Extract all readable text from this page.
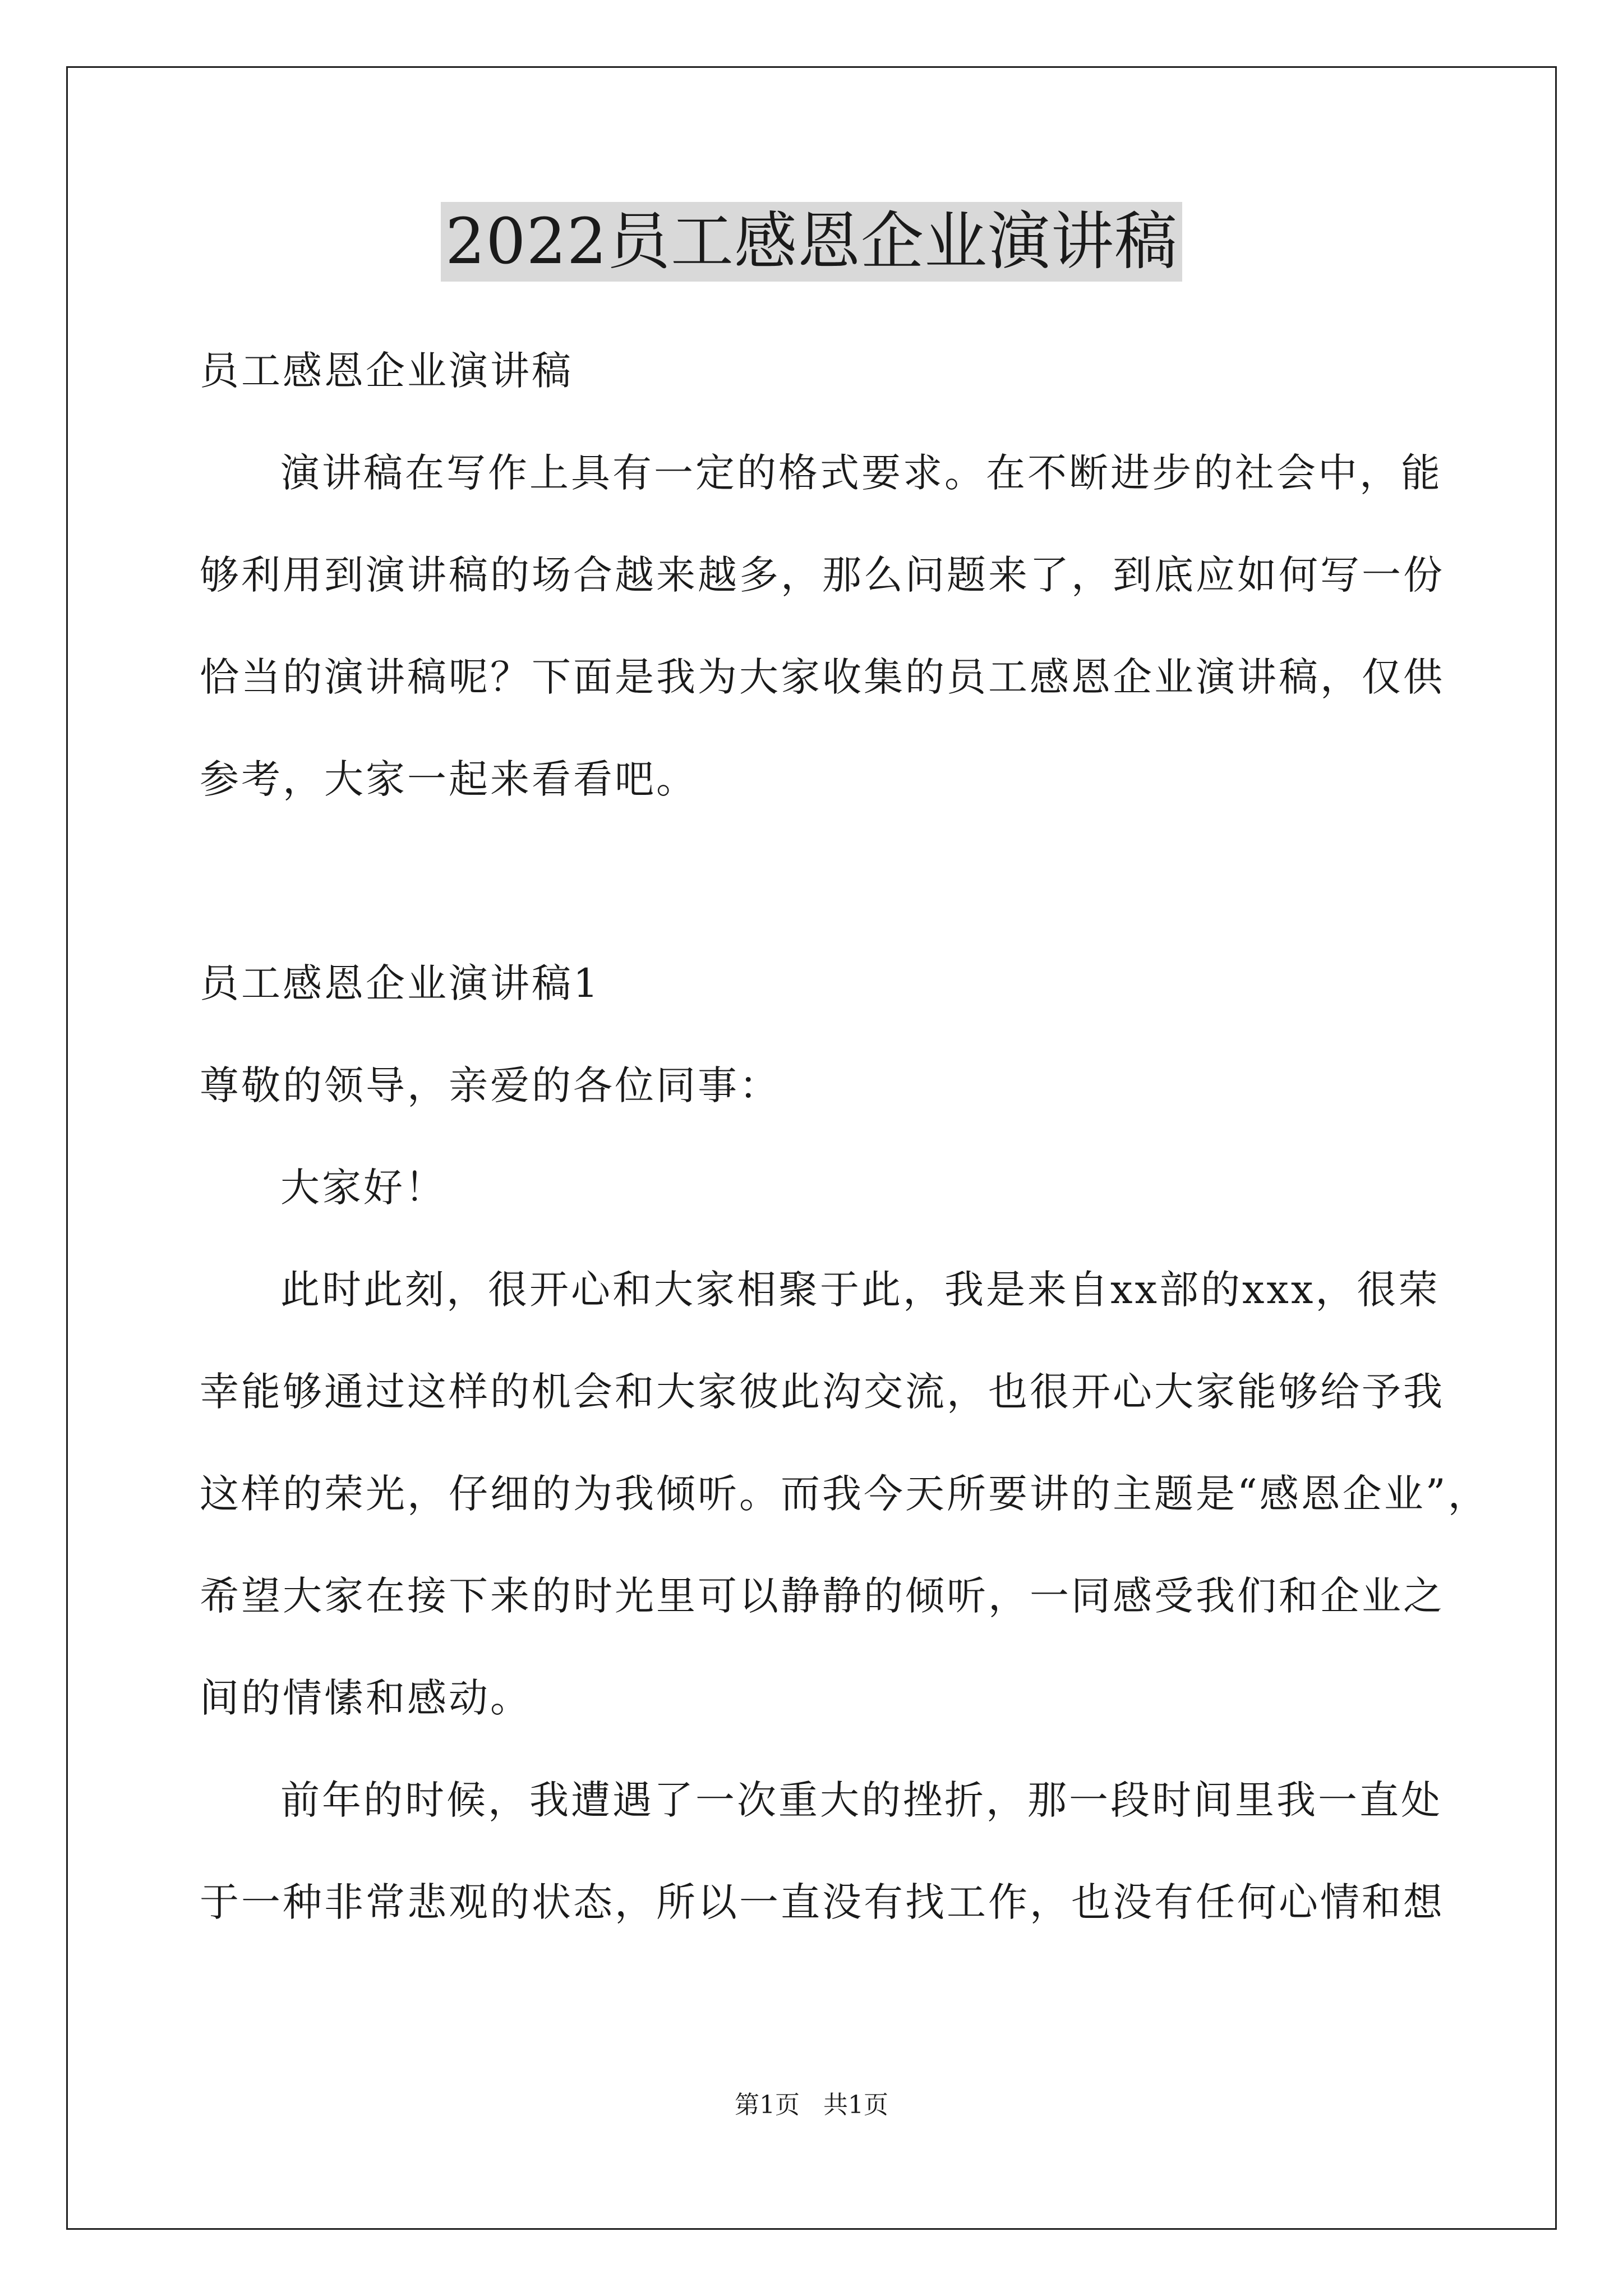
2022员工感恩企业演讲稿
员工感恩企业演讲稿
演讲稿在写作上具有一定的格式要求。在不断进步的社会中，能
够利用到演讲稿的场合越来越多，那么问题来了，到底应如何写一份
恰当的演讲稿呢？下面是我为大家收集的员工感恩企业演讲稿，仅供
参考，大家一起来看看吧。
员工感恩企业演讲稿1
尊敬的领导，亲爱的各位同事：
大家好！
此时此刻，很开心和大家相聚于此，我是来自xx部的xxx，很荣
幸能够通过这样的机会和大家彼此沟交流，也很开心大家能够给予我
这样的荣光，仔细的为我倾听。而我今天所要讲的主题是“感恩企业”，
希望大家在接下来的时光里可以静静的倾听，一同感受我们和企业之
间的情愫和感动。
前年的时候，我遭遇了一次重大的挫折，那一段时间里我一直处
于一种非常悲观的状态，所以一直没有找工作，也没有任何心情和想
第1页   共1页
